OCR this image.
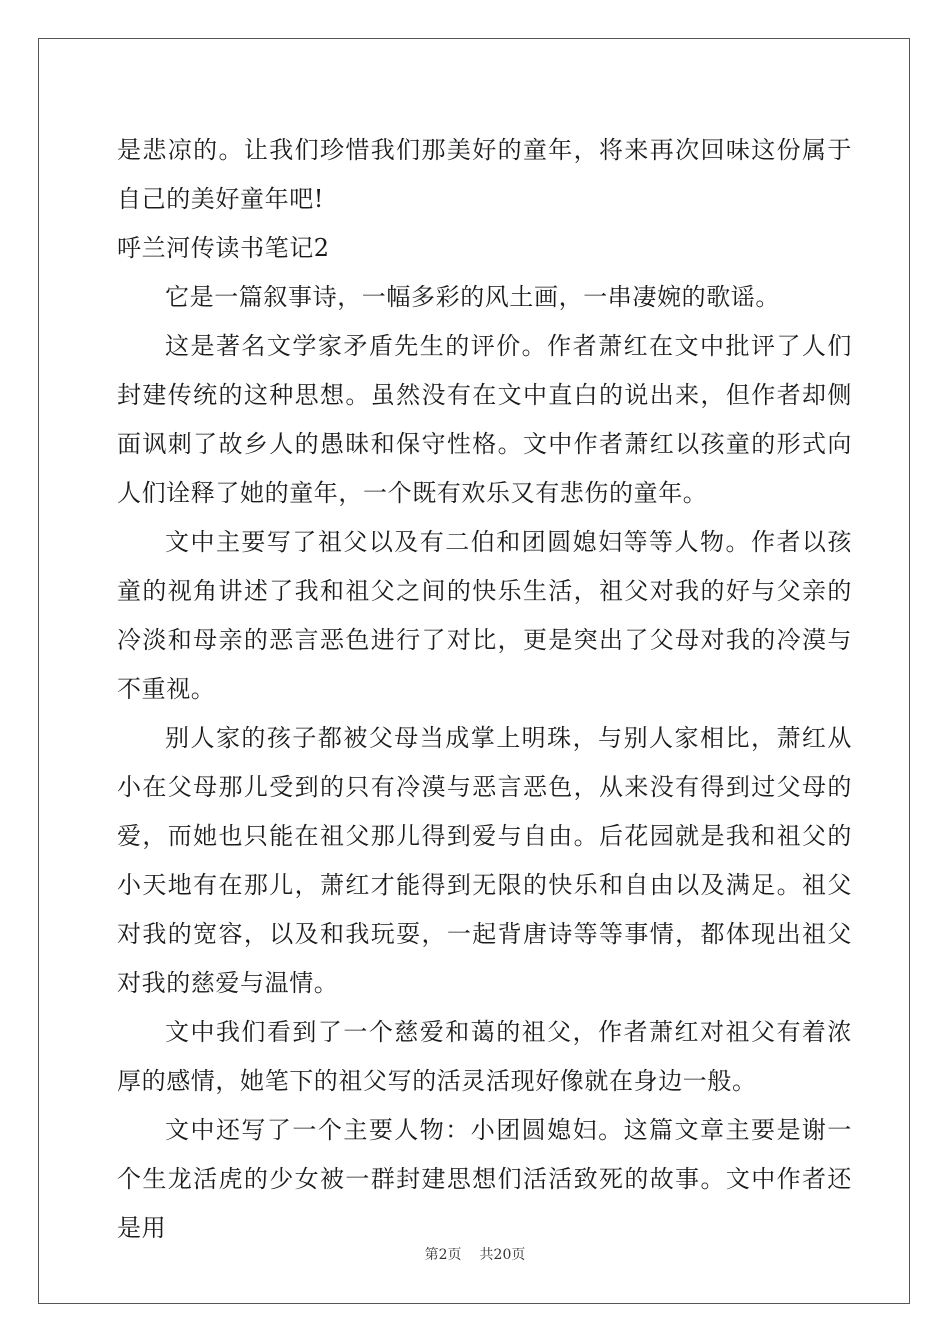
是悲凉的。让我们珍惜我们那美好的童年，将来再次回味这份属于自己的美好童年吧!

呼兰河传读书笔记2

它是一篇叙事诗，一幅多彩的风土画，一串凄婉的歌谣。

这是著名文学家矛盾先生的评价。作者萧红在文中批评了人们封建传统的这种思想。虽然没有在文中直白的说出来，但作者却侧面讽刺了故乡人的愚昧和保守性格。文中作者萧红以孩童的形式向人们诠释了她的童年，一个既有欢乐又有悲伤的童年。

文中主要写了祖父以及有二伯和团圆媳妇等等人物。作者以孩童的视角讲述了我和祖父之间的快乐生活，祖父对我的好与父亲的冷淡和母亲的恶言恶色进行了对比，更是突出了父母对我的冷漠与不重视。

别人家的孩子都被父母当成掌上明珠，与别人家相比，萧红从小在父母那儿受到的只有冷漠与恶言恶色，从来没有得到过父母的爱，而她也只能在祖父那儿得到爱与自由。后花园就是我和祖父的小天地有在那儿，萧红才能得到无限的快乐和自由以及满足。祖父对我的宽容，以及和我玩耍，一起背唐诗等等事情，都体现出祖父对我的慈爱与温情。

文中我们看到了一个慈爱和蔼的祖父，作者萧红对祖父有着浓厚的感情，她笔下的祖父写的活灵活现好像就在身边一般。

文中还写了一个主要人物：小团圆媳妇。这篇文章主要是谢一个生龙活虎的少女被一群封建思想们活活致死的故事。文中作者还是用

第2页 共20页
